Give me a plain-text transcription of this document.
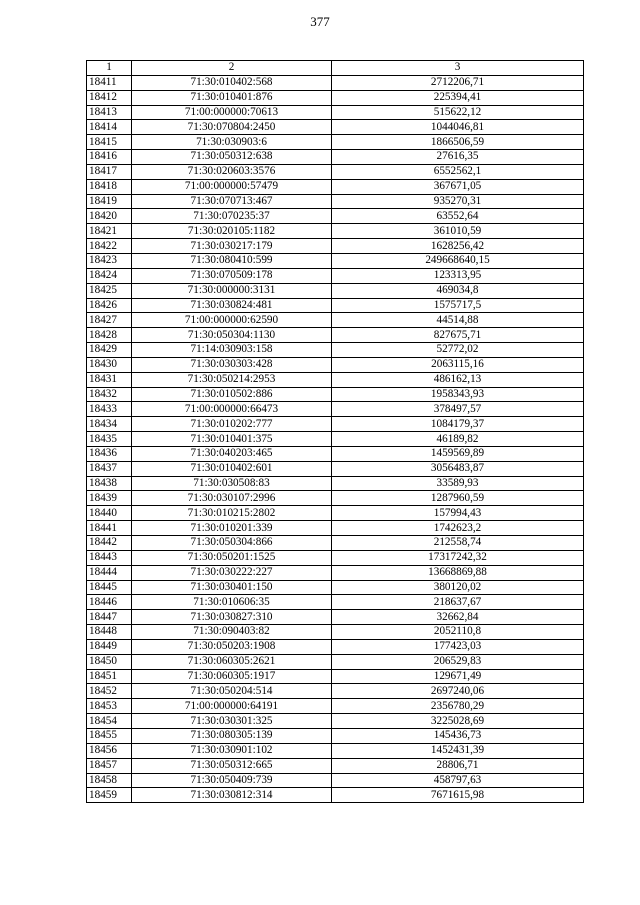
377
1	2	3
18411	71:30:010402:568	2712206,71
18412	71:30:010401:876	225394,41
18413	71:00:000000:70613	515622,12
18414	71:30:070804:2450	1044046,81
18415	71:30:030903:6	1866506,59
18416	71:30:050312:638	27616,35
18417	71:30:020603:3576	6552562,1
18418	71:00:000000:57479	367671,05
18419	71:30:070713:467	935270,31
18420	71:30:070235:37	63552,64
18421	71:30:020105:1182	361010,59
18422	71:30:030217:179	1628256,42
18423	71:30:080410:599	249668640,15
18424	71:30:070509:178	123313,95
18425	71:30:000000:3131	469034,8
18426	71:30:030824:481	1575717,5
18427	71:00:000000:62590	44514,88
18428	71:30:050304:1130	827675,71
18429	71:14:030903:158	52772,02
18430	71:30:030303:428	2063115,16
18431	71:30:050214:2953	486162,13
18432	71:30:010502:886	1958343,93
18433	71:00:000000:66473	378497,57
18434	71:30:010202:777	1084179,37
18435	71:30:010401:375	46189,82
18436	71:30:040203:465	1459569,89
18437	71:30:010402:601	3056483,87
18438	71:30:030508:83	33589,93
18439	71:30:030107:2996	1287960,59
18440	71:30:010215:2802	157994,43
18441	71:30:010201:339	1742623,2
18442	71:30:050304:866	212558,74
18443	71:30:050201:1525	17317242,32
18444	71:30:030222:227	13668869,88
18445	71:30:030401:150	380120,02
18446	71:30:010606:35	218637,67
18447	71:30:030827:310	32662,84
18448	71:30:090403:82	2052110,8
18449	71:30:050203:1908	177423,03
18450	71:30:060305:2621	206529,83
18451	71:30:060305:1917	129671,49
18452	71:30:050204:514	2697240,06
18453	71:00:000000:64191	2356780,29
18454	71:30:030301:325	3225028,69
18455	71:30:080305:139	145436,73
18456	71:30:030901:102	1452431,39
18457	71:30:050312:665	28806,71
18458	71:30:050409:739	458797,63
18459	71:30:030812:314	7671615,98
